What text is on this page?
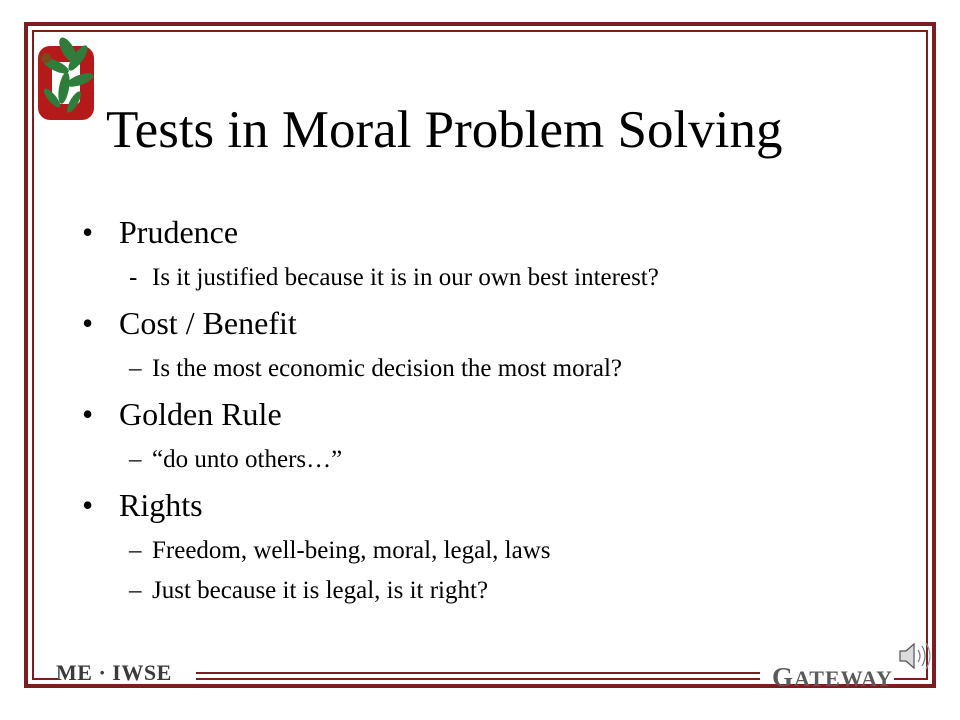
Tests in Moral Problem Solving
• Prudence
- Is it justified because it is in our own best interest?
• Cost / Benefit
– Is the most economic decision the most moral?
• Golden Rule
– “do unto others…”
• Rights
– Freedom, well-being, moral, legal, laws
– Just because it is legal, is it right?
ME · IWSE	GATEWAY
